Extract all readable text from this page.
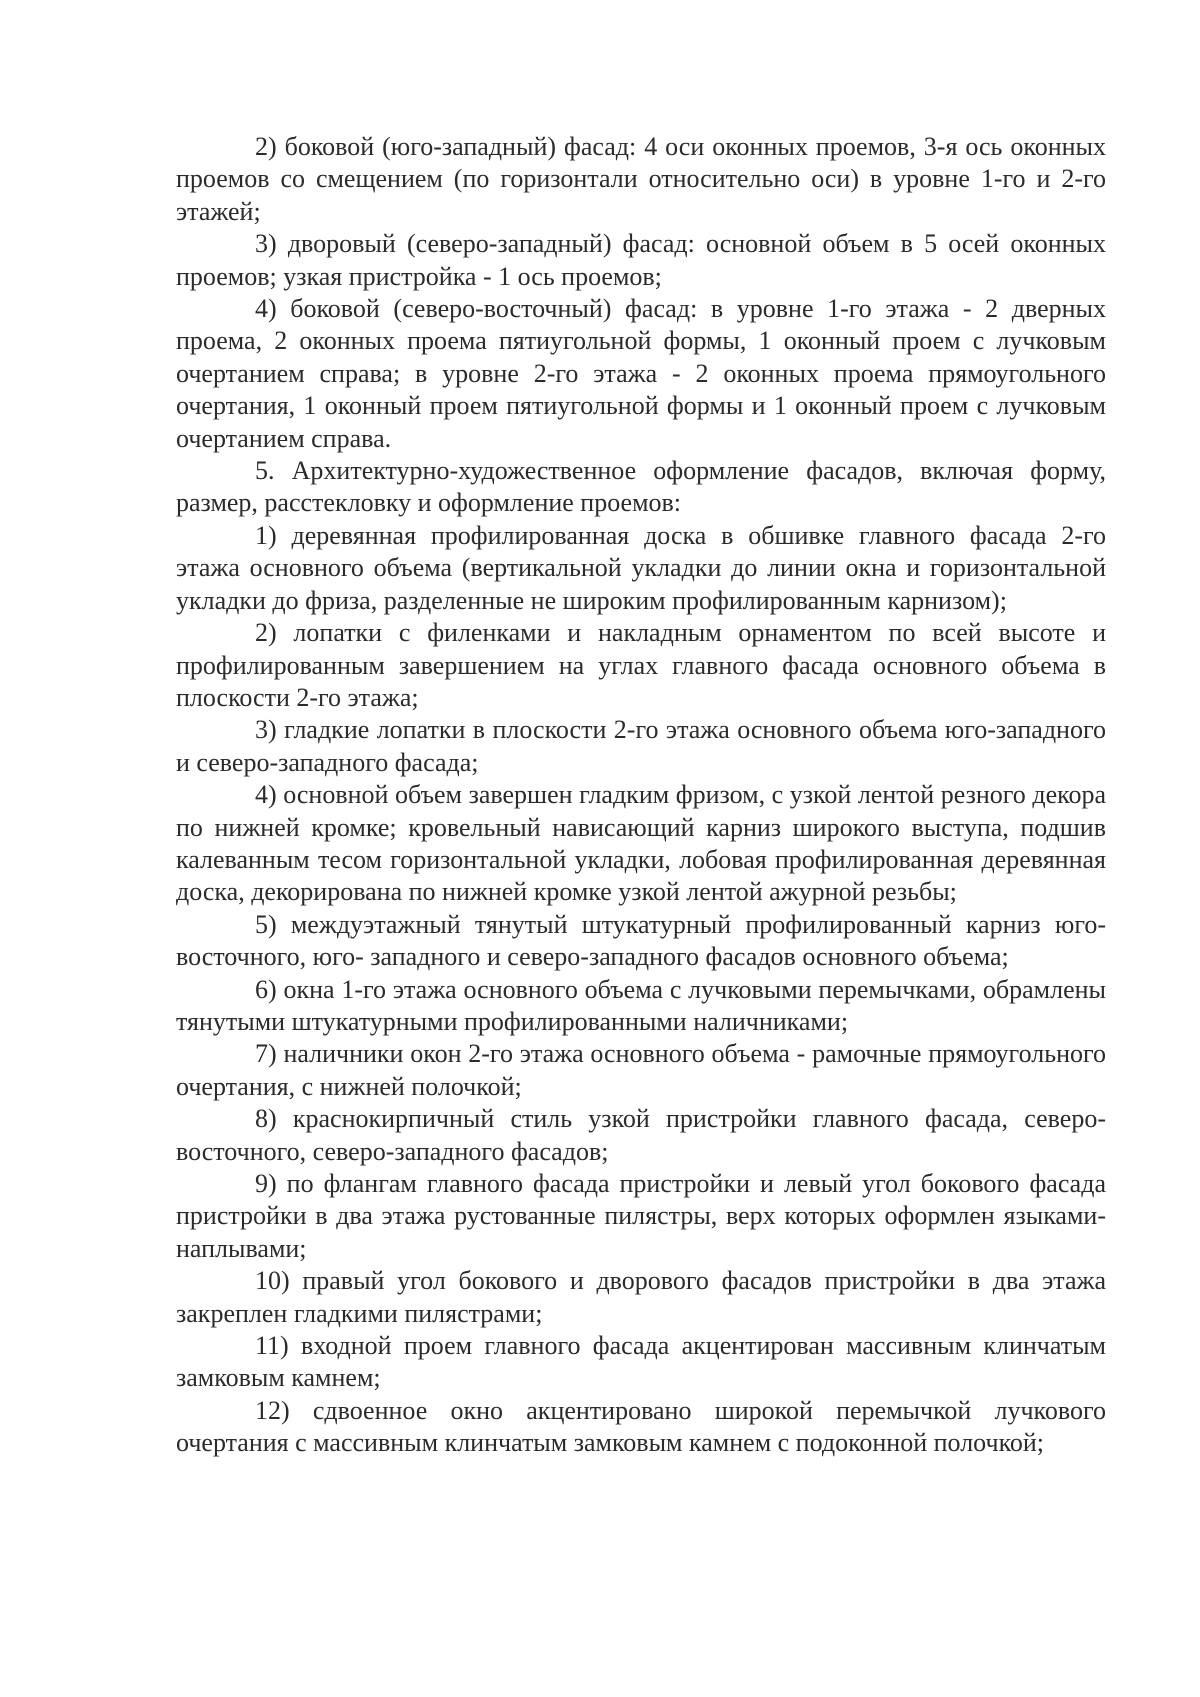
2) боковой (юго-западный) фасад: 4 оси оконных проемов, 3-я ось оконных проемов со смещением (по горизонтали относительно оси) в уровне 1-го и 2-го этажей;

3) дворовый (северо-западный) фасад: основной объем в 5 осей оконных проемов; узкая пристройка - 1 ось проемов;

4) боковой (северо-восточный) фасад: в уровне 1-го этажа - 2 дверных проема, 2 оконных проема пятиугольной формы, 1 оконный проем с лучковым очертанием справа; в уровне 2-го этажа - 2 оконных проема прямоугольного очертания, 1 оконный проем пятиугольной формы и 1 оконный проем с лучковым очертанием справа.

5. Архитектурно-художественное оформление фасадов, включая форму, размер, расстекловку и оформление проемов:

1) деревянная профилированная доска в обшивке главного фасада 2-го этажа основного объема (вертикальной укладки до линии окна и горизонтальной укладки до фриза, разделенные не широким профилированным карнизом);

2) лопатки с филенками и накладным орнаментом по всей высоте и профилированным завершением на углах главного фасада основного объема в плоскости 2-го этажа;

3) гладкие лопатки в плоскости 2-го этажа основного объема юго-западного и северо-западного фасада;

4) основной объем завершен гладким фризом, с узкой лентой резного декора по нижней кромке; кровельный нависающий карниз широкого выступа, подшив калеванным тесом горизонтальной укладки, лобовая профилированная деревянная доска, декорирована по нижней кромке узкой лентой ажурной резьбы;

5) междуэтажный тянутый штукатурный профилированный карниз юго-восточного, юго- западного и северо-западного фасадов основного объема;

6) окна 1-го этажа основного объема с лучковыми перемычками, обрамлены тянутыми штукатурными профилированными наличниками;

7) наличники окон 2-го этажа основного объема - рамочные прямоугольного очертания, с нижней полочкой;

8) краснокирпичный стиль узкой пристройки главного фасада, северо-восточного, северо-западного фасадов;

9) по флангам главного фасада пристройки и левый угол бокового фасада пристройки в два этажа рустованные пилястры, верх которых оформлен языками-наплывами;

10) правый угол бокового и дворового фасадов пристройки в два этажа закреплен гладкими пилястрами;

11) входной проем главного фасада акцентирован массивным клинчатым замковым камнем;

12) сдвоенное окно акцентировано широкой перемычкой лучкового очертания с массивным клинчатым замковым камнем с подоконной полочкой;
